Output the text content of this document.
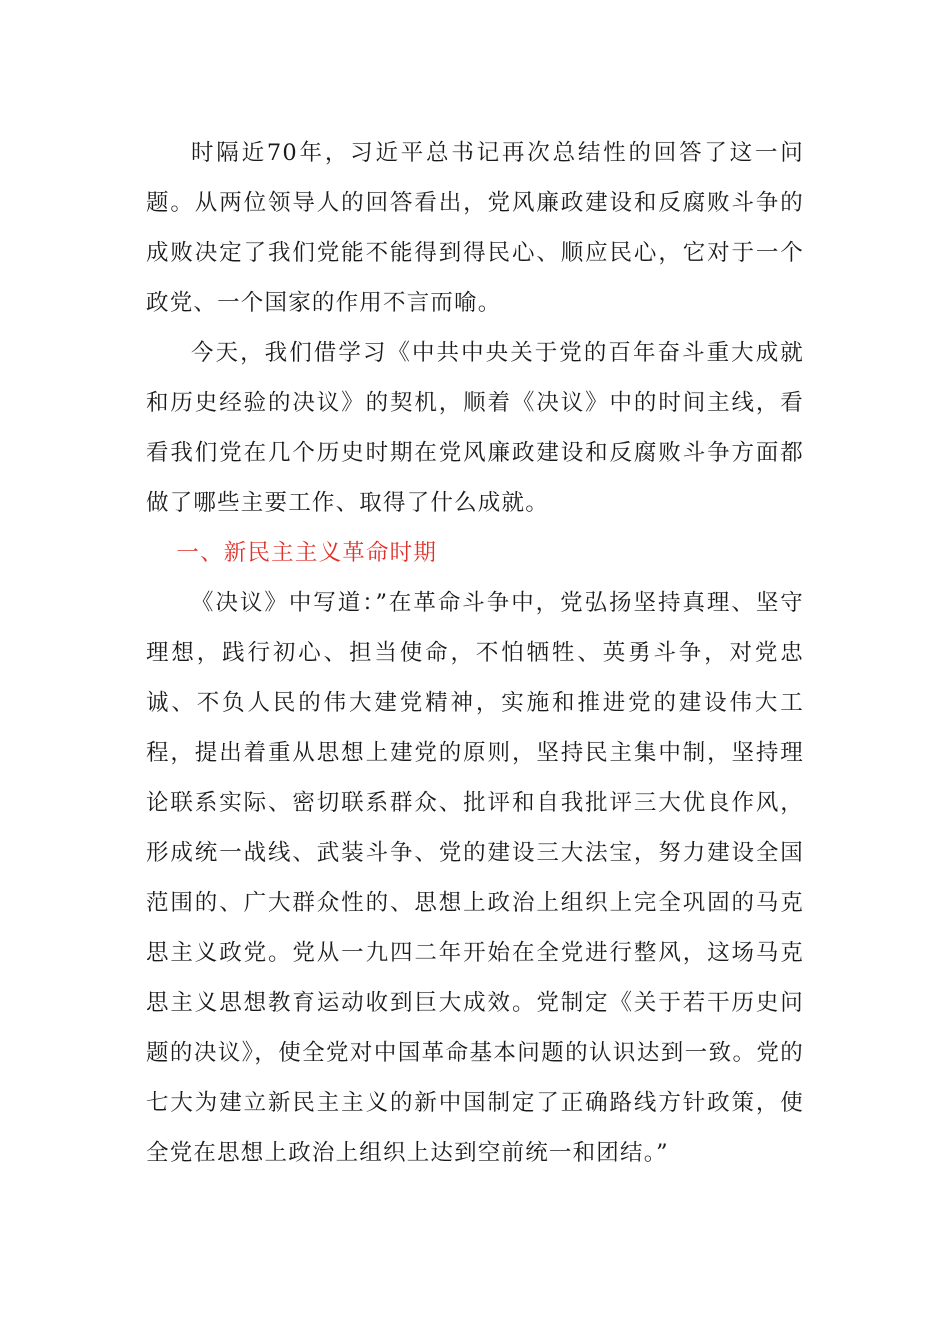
时隔近70年，习近平总书记再次总结性的回答了这一问题。从两位领导人的回答看出，党风廉政建设和反腐败斗争的成败决定了我们党能不能得到得民心、顺应民心，它对于一个政党、一个国家的作用不言而喻。

今天，我们借学习《中共中央关于党的百年奋斗重大成就和历史经验的决议》的契机，顺着《决议》中的时间主线，看看我们党在几个历史时期在党风廉政建设和反腐败斗争方面都做了哪些主要工作、取得了什么成就。

一、新民主主义革命时期

《决议》中写道：”在革命斗争中，党弘扬坚持真理、坚守理想，践行初心、担当使命，不怕牺牲、英勇斗争，对党忠诚、不负人民的伟大建党精神，实施和推进党的建设伟大工程，提出着重从思想上建党的原则，坚持民主集中制，坚持理论联系实际、密切联系群众、批评和自我批评三大优良作风，形成统一战线、武装斗争、党的建设三大法宝，努力建设全国范围的、广大群众性的、思想上政治上组织上完全巩固的马克思主义政党。党从一九四二年开始在全党进行整风，这场马克思主义思想教育运动收到巨大成效。党制定《关于若干历史问题的决议》，使全党对中国革命基本问题的认识达到一致。党的七大为建立新民主主义的新中国制定了正确路线方针政策，使全党在思想上政治上组织上达到空前统一和团结。”
